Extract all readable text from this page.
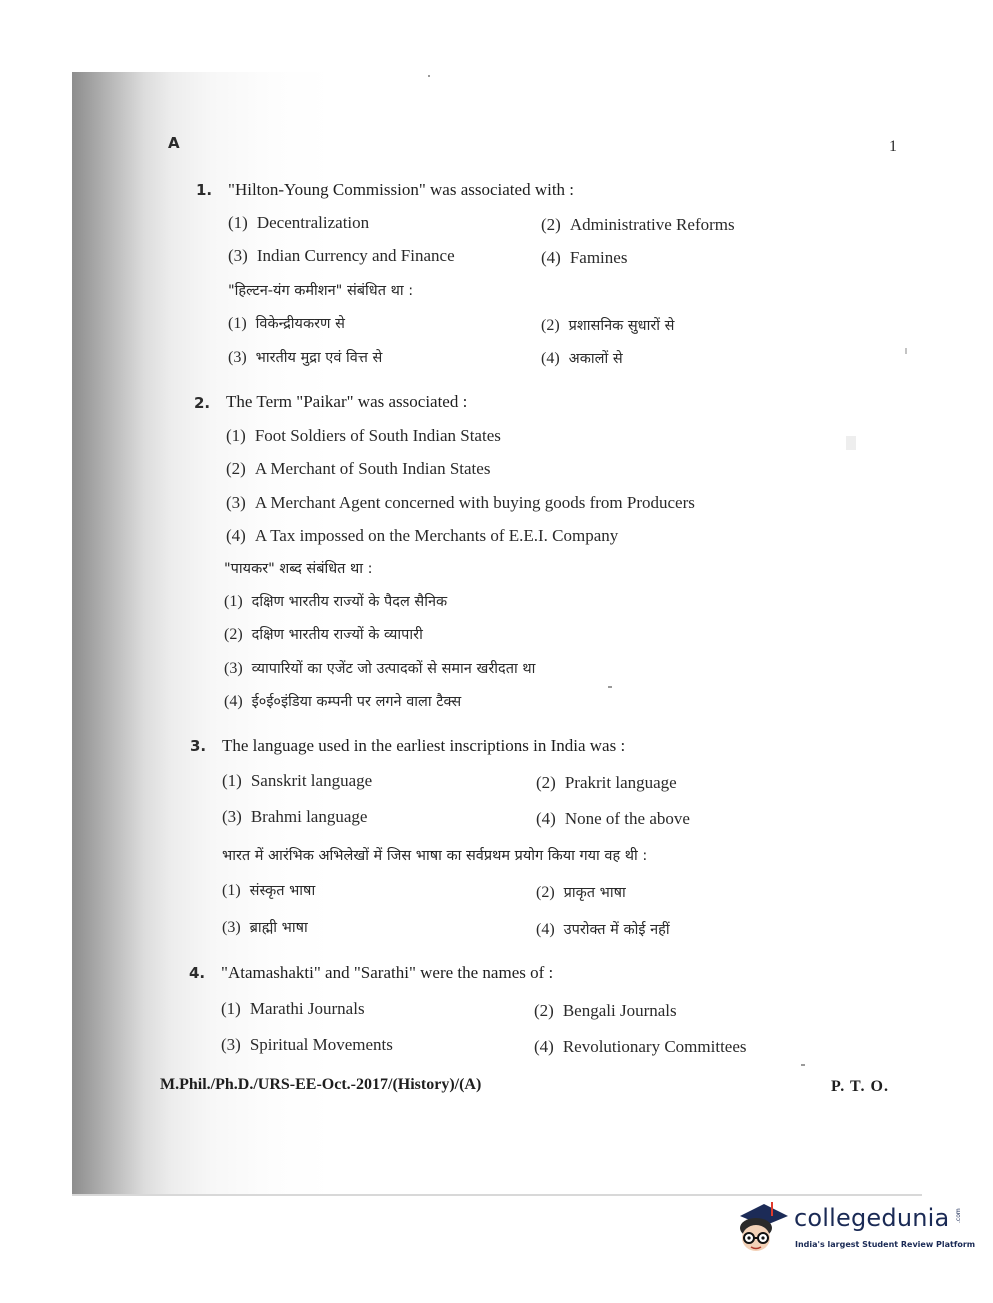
A	1
1. "Hilton-Young Commission" was associated with :
(1) Decentralization	(2) Administrative Reforms
(3) Indian Currency and Finance	(4) Famines
"हिल्टन-यंग कमीशन" संबंधित था :
(1) विकेन्द्रीयकरण से	(2) प्रशासनिक सुधारों से
(3) भारतीय मुद्रा एवं वित्त से	(4) अकालों से
2. The Term "Paikar" was associated :
(1) Foot Soldiers of South Indian States
(2) A Merchant of South Indian States
(3) A Merchant Agent concerned with buying goods from Producers
(4) A Tax impossed on the Merchants of E.E.I. Company
"पायकर" शब्द संबंधित था :
(1) दक्षिण भारतीय राज्यों के पैदल सैनिक
(2) दक्षिण भारतीय राज्यों के व्यापारी
(3) व्यापारियों का एजेंट जो उत्पादकों से समान खरीदता था
(4) ई०ई०इंडिया कम्पनी पर लगने वाला टैक्स
3. The language used in the earliest inscriptions in India was :
(1) Sanskrit language	(2) Prakrit language
(3) Brahmi language	(4) None of the above
भारत में आरंभिक अभिलेखों में जिस भाषा का सर्वप्रथम प्रयोग किया गया वह थी :
(1) संस्कृत भाषा	(2) प्राकृत भाषा
(3) ब्राह्मी भाषा	(4) उपरोक्त में कोई नहीं
4. "Atamashakti" and "Sarathi" were the names of :
(1) Marathi Journals	(2) Bengali Journals
(3) Spiritual Movements	(4) Revolutionary Committees
M.Phil./Ph.D./URS-EE-Oct.-2017/(History)/(A)	P. T. O.
collegedunia .com
India's largest Student Review Platform
